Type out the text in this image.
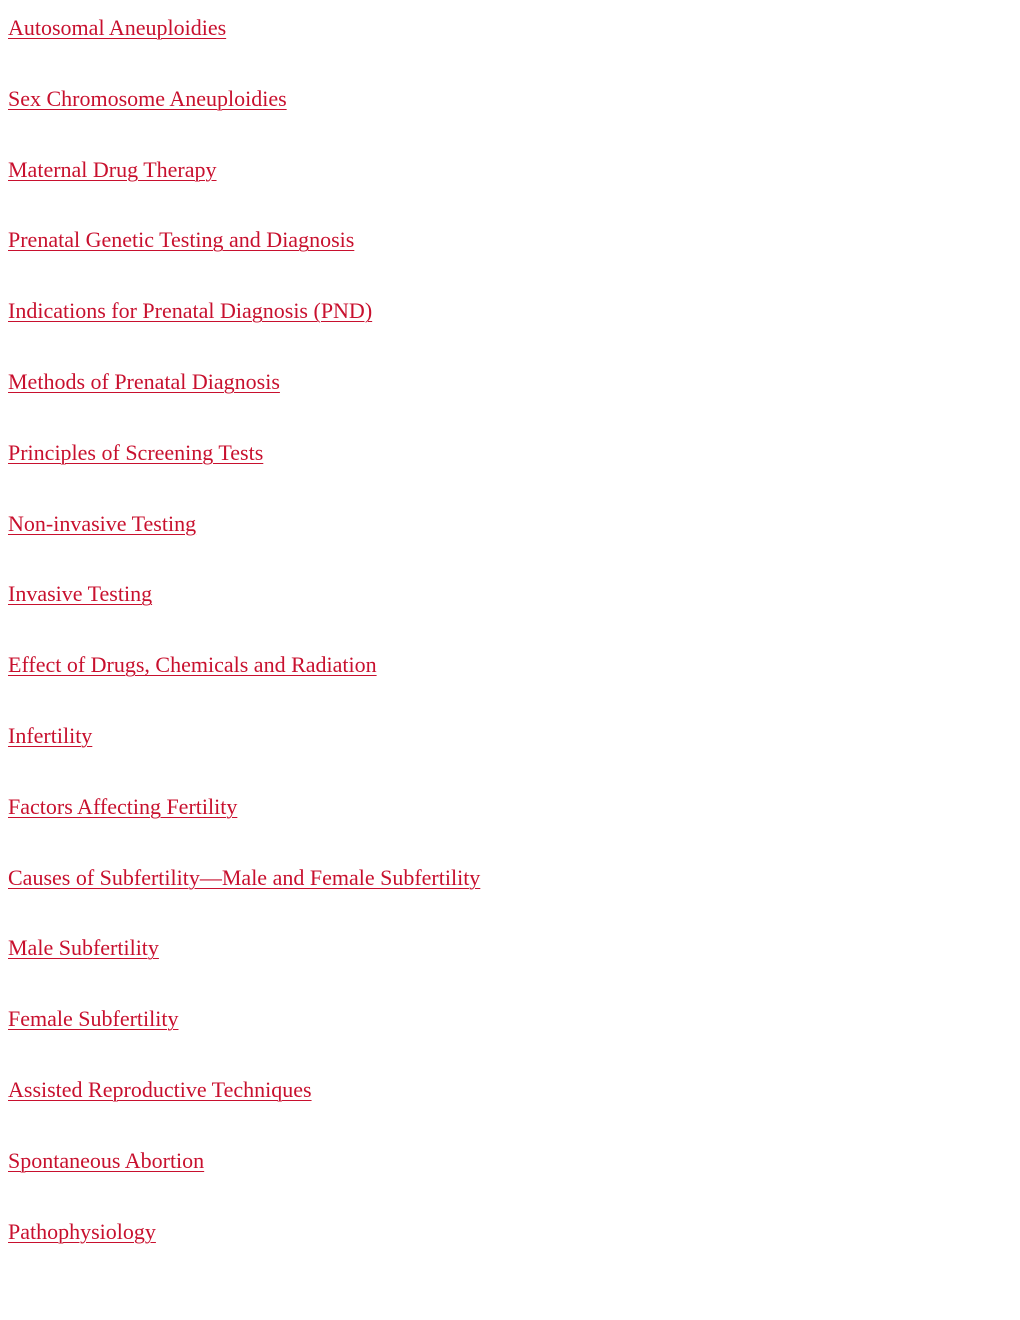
Autosomal Aneuploidies
Sex Chromosome Aneuploidies
Maternal Drug Therapy
Prenatal Genetic Testing and Diagnosis
Indications for Prenatal Diagnosis (PND)
Methods of Prenatal Diagnosis
Principles of Screening Tests
Non-invasive Testing
Invasive Testing
Effect of Drugs, Chemicals and Radiation
Infertility
Factors Affecting Fertility
Causes of Subfertility—Male and Female Subfertility
Male Subfertility
Female Subfertility
Assisted Reproductive Techniques
Spontaneous Abortion
Pathophysiology
